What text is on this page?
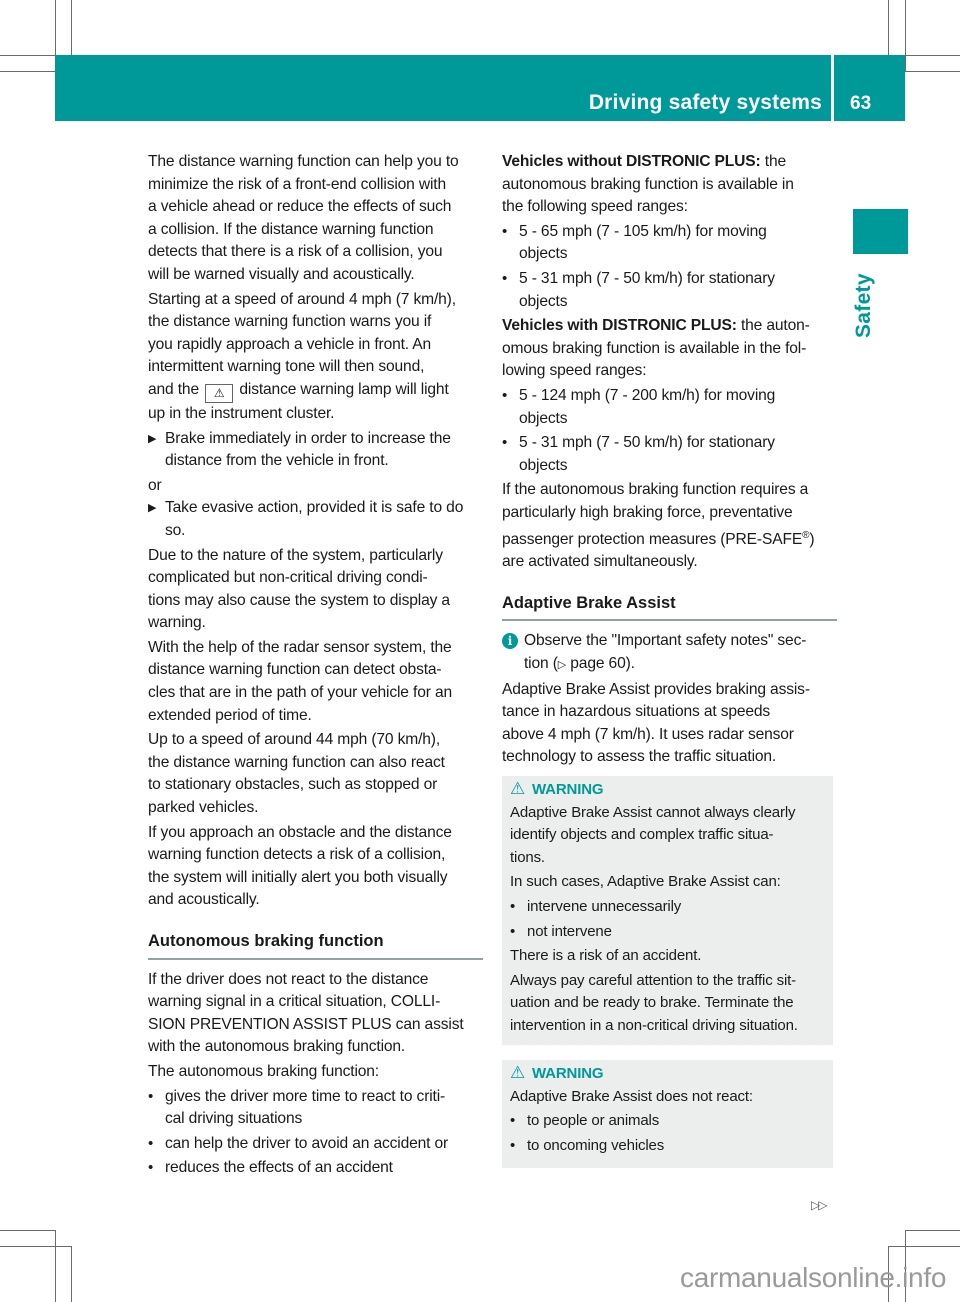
Driving safety systems 63
Safety

The distance warning function can help you to
minimize the risk of a front-end collision with
a vehicle ahead or reduce the effects of such
a collision. If the distance warning function
detects that there is a risk of a collision, you
will be warned visually and acoustically.

Starting at a speed of around 4 mph (7 km/h),
the distance warning function warns you if
you rapidly approach a vehicle in front. An
intermittent warning tone will then sound,
and the ⚠ distance warning lamp will light
up in the instrument cluster.

▶ Brake immediately in order to increase the
distance from the vehicle in front.

or

▶ Take evasive action, provided it is safe to do
so.

Due to the nature of the system, particularly
complicated but non-critical driving condi-
tions may also cause the system to display a
warning.

With the help of the radar sensor system, the
distance warning function can detect obsta-
cles that are in the path of your vehicle for an
extended period of time.

Up to a speed of around 44 mph (70 km/h),
the distance warning function can also react
to stationary obstacles, such as stopped or
parked vehicles.

If you approach an obstacle and the distance
warning function detects a risk of a collision,
the system will initially alert you both visually
and acoustically.

Autonomous braking function

If the driver does not react to the distance
warning signal in a critical situation, COLLI-
SION PREVENTION ASSIST PLUS can assist
with the autonomous braking function.

The autonomous braking function:

•
gives the driver more time to react to criti-
cal driving situations
•
can help the driver to avoid an accident or
•
reduces the effects of an accident

Vehicles without DISTRONIC PLUS: the
autonomous braking function is available in
the following speed ranges:

•
5 - 65 mph (7 - 105 km/h) for moving
objects
•
5 - 31 mph (7 - 50 km/h) for stationary
objects

Vehicles with DISTRONIC PLUS: the auton-
omous braking function is available in the fol-
lowing speed ranges:

•
5 - 124 mph (7 - 200 km/h) for moving
objects
•
5 - 31 mph (7 - 50 km/h) for stationary
objects

If the autonomous braking function requires a
particularly high braking force, preventative
passenger protection measures (PRE-SAFE®)
are activated simultaneously.

Adaptive Brake Assist
i Observe the "Important safety notes" sec-
tion (▷ page 60).

Adaptive Brake Assist provides braking assis-
tance in hazardous situations at speeds
above 4 mph (7 km/h). It uses radar sensor
technology to assess the traffic situation.

⚠ WARNING
Adaptive Brake Assist cannot always clearly
identify objects and complex traffic situa-
tions.
In such cases, Adaptive Brake Assist can:
•
intervene unnecessarily
•
not intervene
There is a risk of an accident.
Always pay careful attention to the traffic sit-
uation and be ready to brake. Terminate the
intervention in a non-critical driving situation.
⚠ WARNING
Adaptive Brake Assist does not react:
•
to people or animals
•
to oncoming vehicles
▷▷
carmanualsonline.info
